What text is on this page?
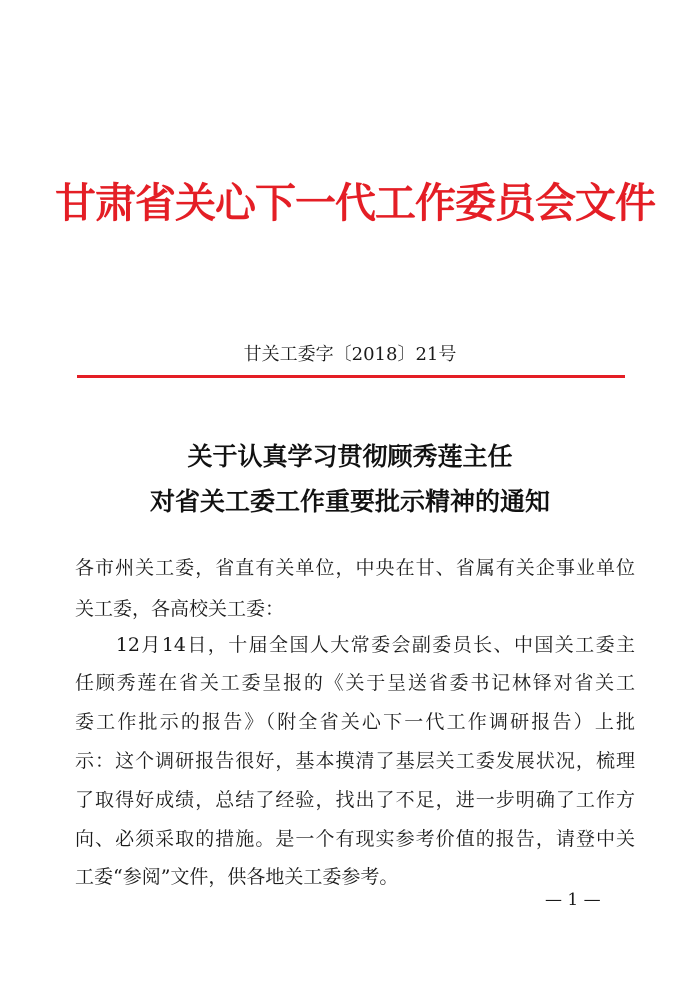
甘肃省关心下一代工作委员会文件
甘关工委字〔2018〕21号
关于认真学习贯彻顾秀莲主任
对省关工委工作重要批示精神的通知
各市州关工委，省直有关单位，中央在甘、省属有关企事业单位
关工委，各高校关工委：
　　12月14日，十届全国人大常委会副委员长、中国关工委主
任顾秀莲在省关工委呈报的《关于呈送省委书记林铎对省关工
委工作批示的报告》（附全省关心下一代工作调研报告）上批
示：这个调研报告很好，基本摸清了基层关工委发展状况，梳理
了取得好成绩，总结了经验，找出了不足，进一步明确了工作方
向、必须采取的措施。是一个有现实参考价值的报告，请登中关
工委“参阅”文件，供各地关工委参考。
— 1 —
